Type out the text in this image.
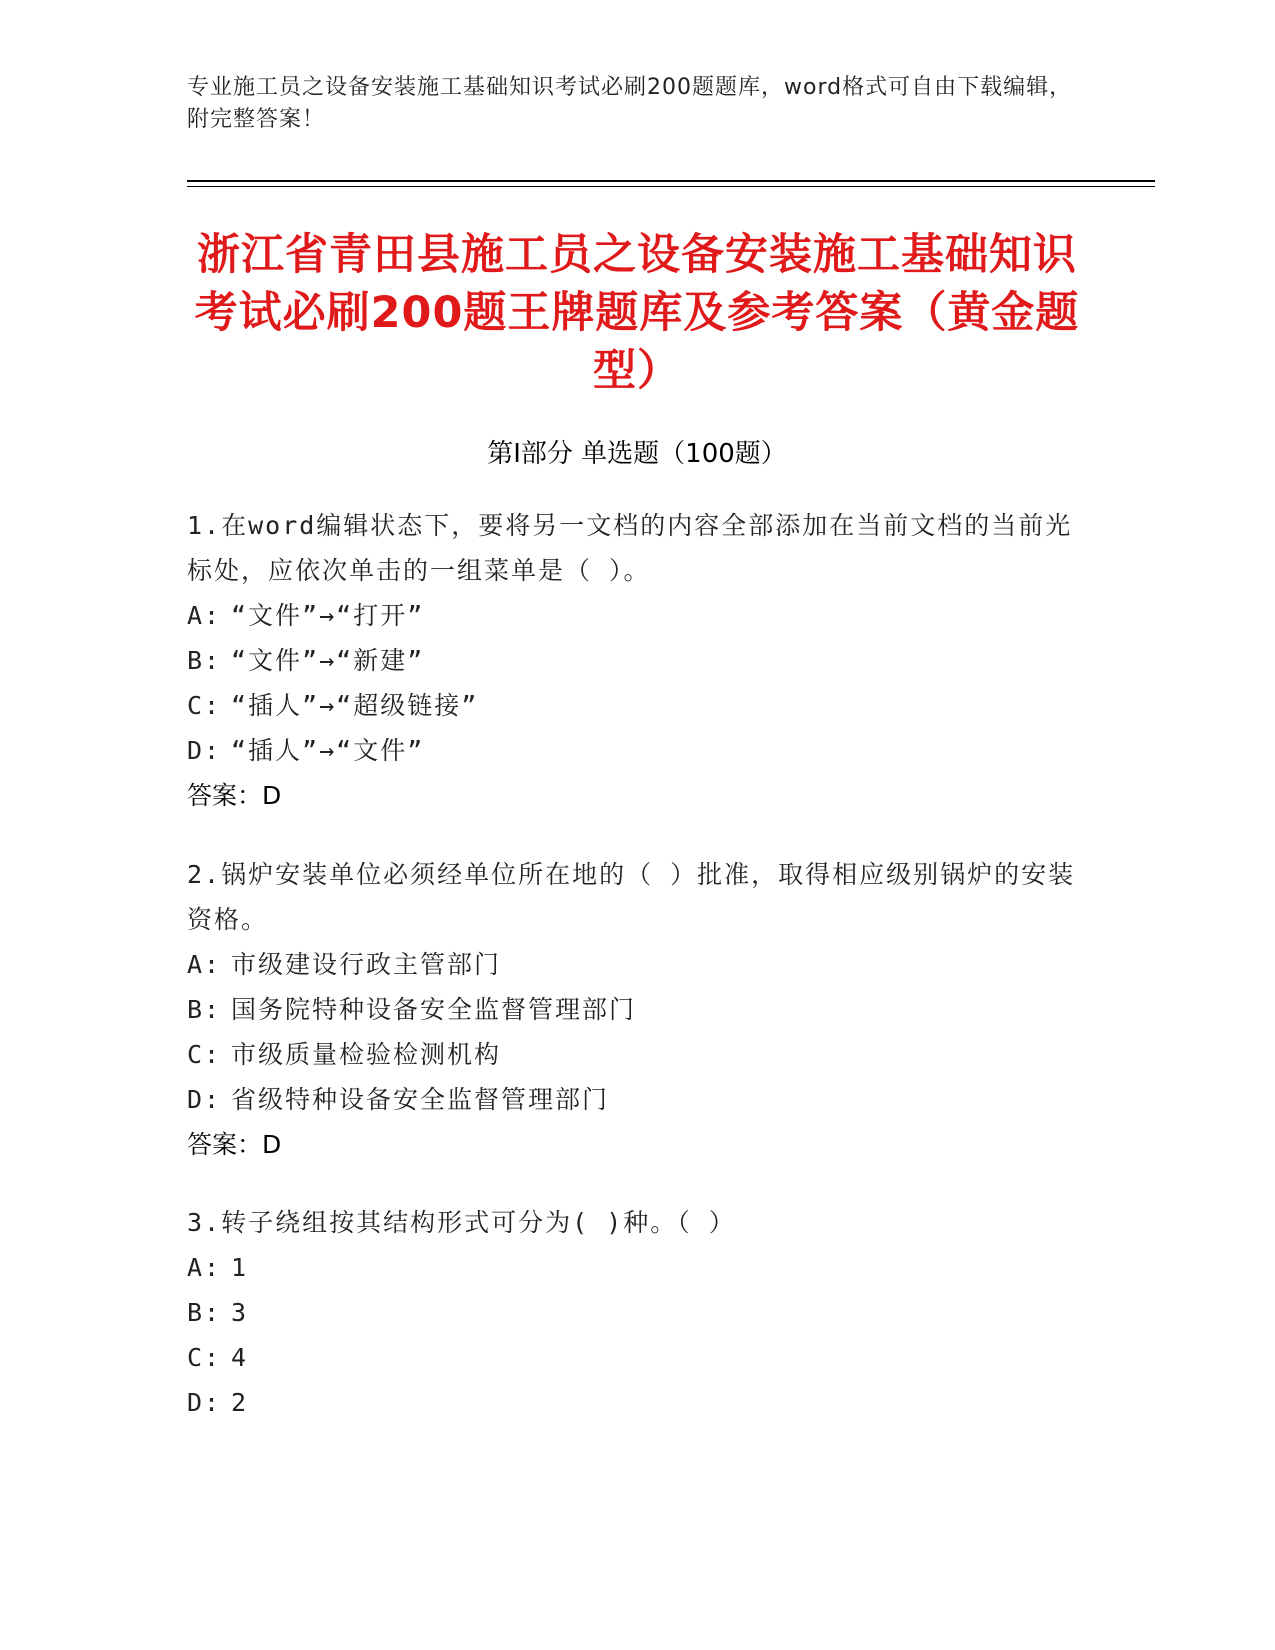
专业施工员之设备安装施工基础知识考试必刷200题题库，word格式可自由下载编辑，附完整答案！
浙江省青田县施工员之设备安装施工基础知识考试必刷200题王牌题库及参考答案（黄金题型）
第Ⅰ部分 单选题（100题）
1.在word编辑状态下，要将另一文档的内容全部添加在当前文档的当前光标处，应依次单击的一组菜单是（ ）。
A: “文件”→“打开”
B: “文件”→“新建”
C: “插人”→“超级链接”
D: “插人”→“文件”
答案：D
2.锅炉安装单位必须经单位所在地的（ ）批准，取得相应级别锅炉的安装资格。
A: 市级建设行政主管部门
B: 国务院特种设备安全监督管理部门
C: 市级质量检验检测机构
D: 省级特种设备安全监督管理部门
答案：D
3.转子绕组按其结构形式可分为( )种。（ ）
A: 1
B: 3
C: 4
D: 2
